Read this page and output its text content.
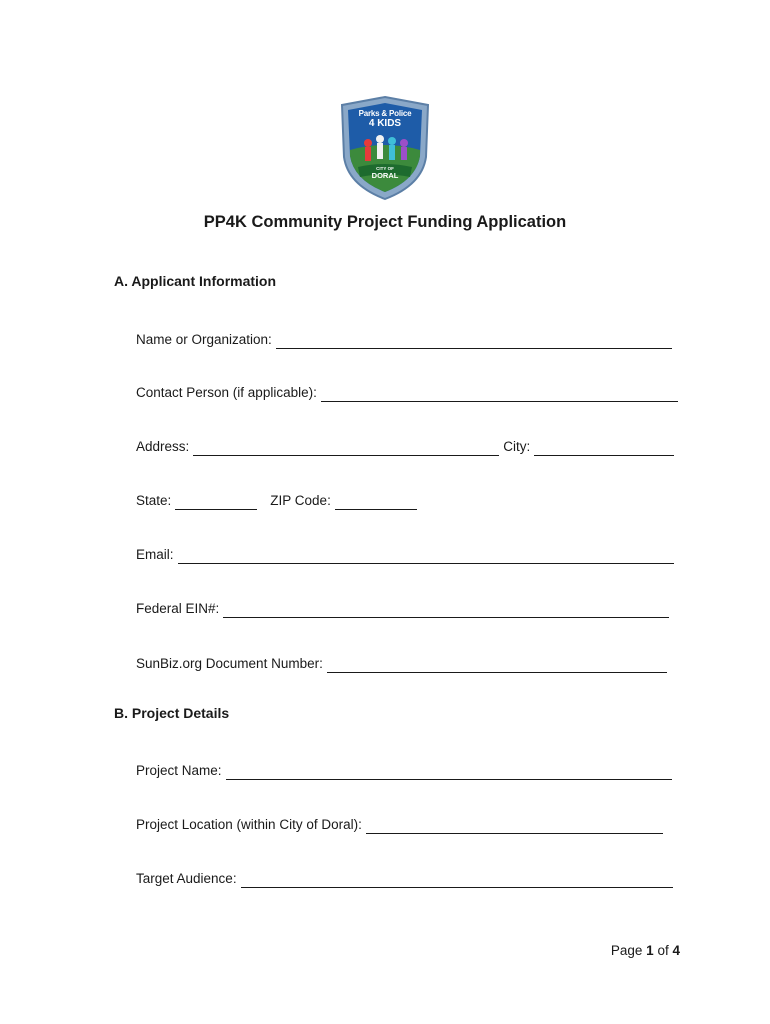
Parks & Police
4 KIDS
CITY OF
DORAL
PP4K Community Project Funding Application
A. Applicant Information
Name or Organization:
Contact Person (if applicable):
Address:	City:
State:	ZIP Code:
Email:
Federal EIN#:
SunBiz.org Document Number:
B. Project Details
Project Name:
Project Location (within City of Doral):
Target Audience:
Page 1 of 4
